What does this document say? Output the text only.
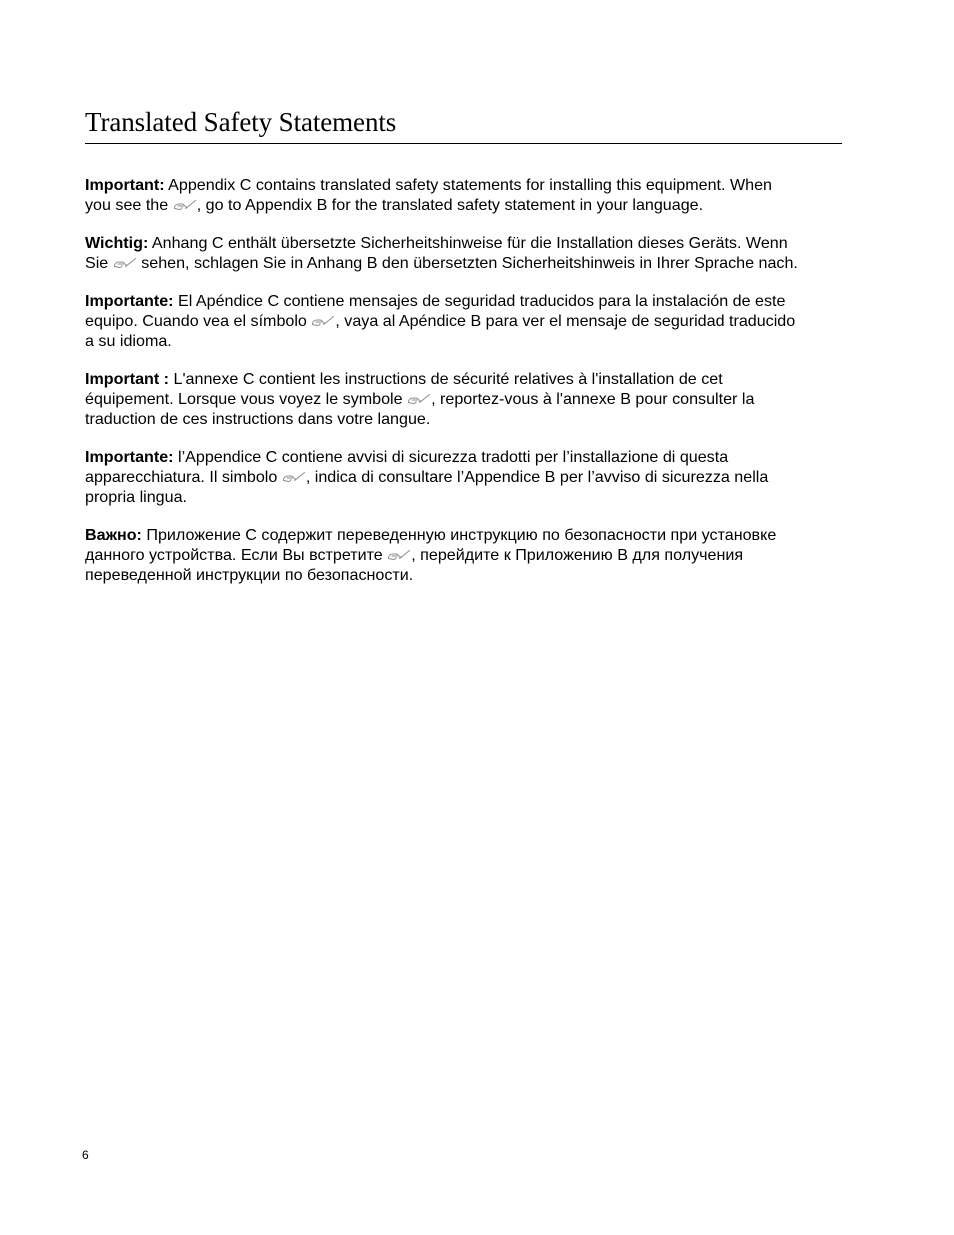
Translated Safety Statements

Important: Appendix C contains translated safety statements for installing this equipment. When
you see the
, go to Appendix B for the translated safety statement in your language.

Wichtig: Anhang C enthält übersetzte Sicherheitshinweise für die Installation dieses Geräts. Wenn
Sie
sehen, schlagen Sie in Anhang B den übersetzten Sicherheitshinweis in Ihrer Sprache nach.

Importante: El Apéndice C contiene mensajes de seguridad traducidos para la instalación de este
equipo. Cuando vea el símbolo
, vaya al Apéndice B para ver el mensaje de seguridad traducido
a su idioma.

Important : L'annexe C contient les instructions de sécurité relatives à l'installation de cet
équipement. Lorsque vous voyez le symbole
, reportez-vous à l'annexe B pour consulter la
traduction de ces instructions dans votre langue.

Importante: l’Appendice C contiene avvisi di sicurezza tradotti per l’installazione di questa
apparecchiatura. Il simbolo
, indica di consultare l’Appendice B per l’avviso di sicurezza nella
propria lingua.

Важно: Приложение С содержит переведенную инструкцию по безопасности при установке
данного устройства. Если Вы встретите
, перейдите к Приложению В для получения
переведенной инструкции по безопасности.

6
